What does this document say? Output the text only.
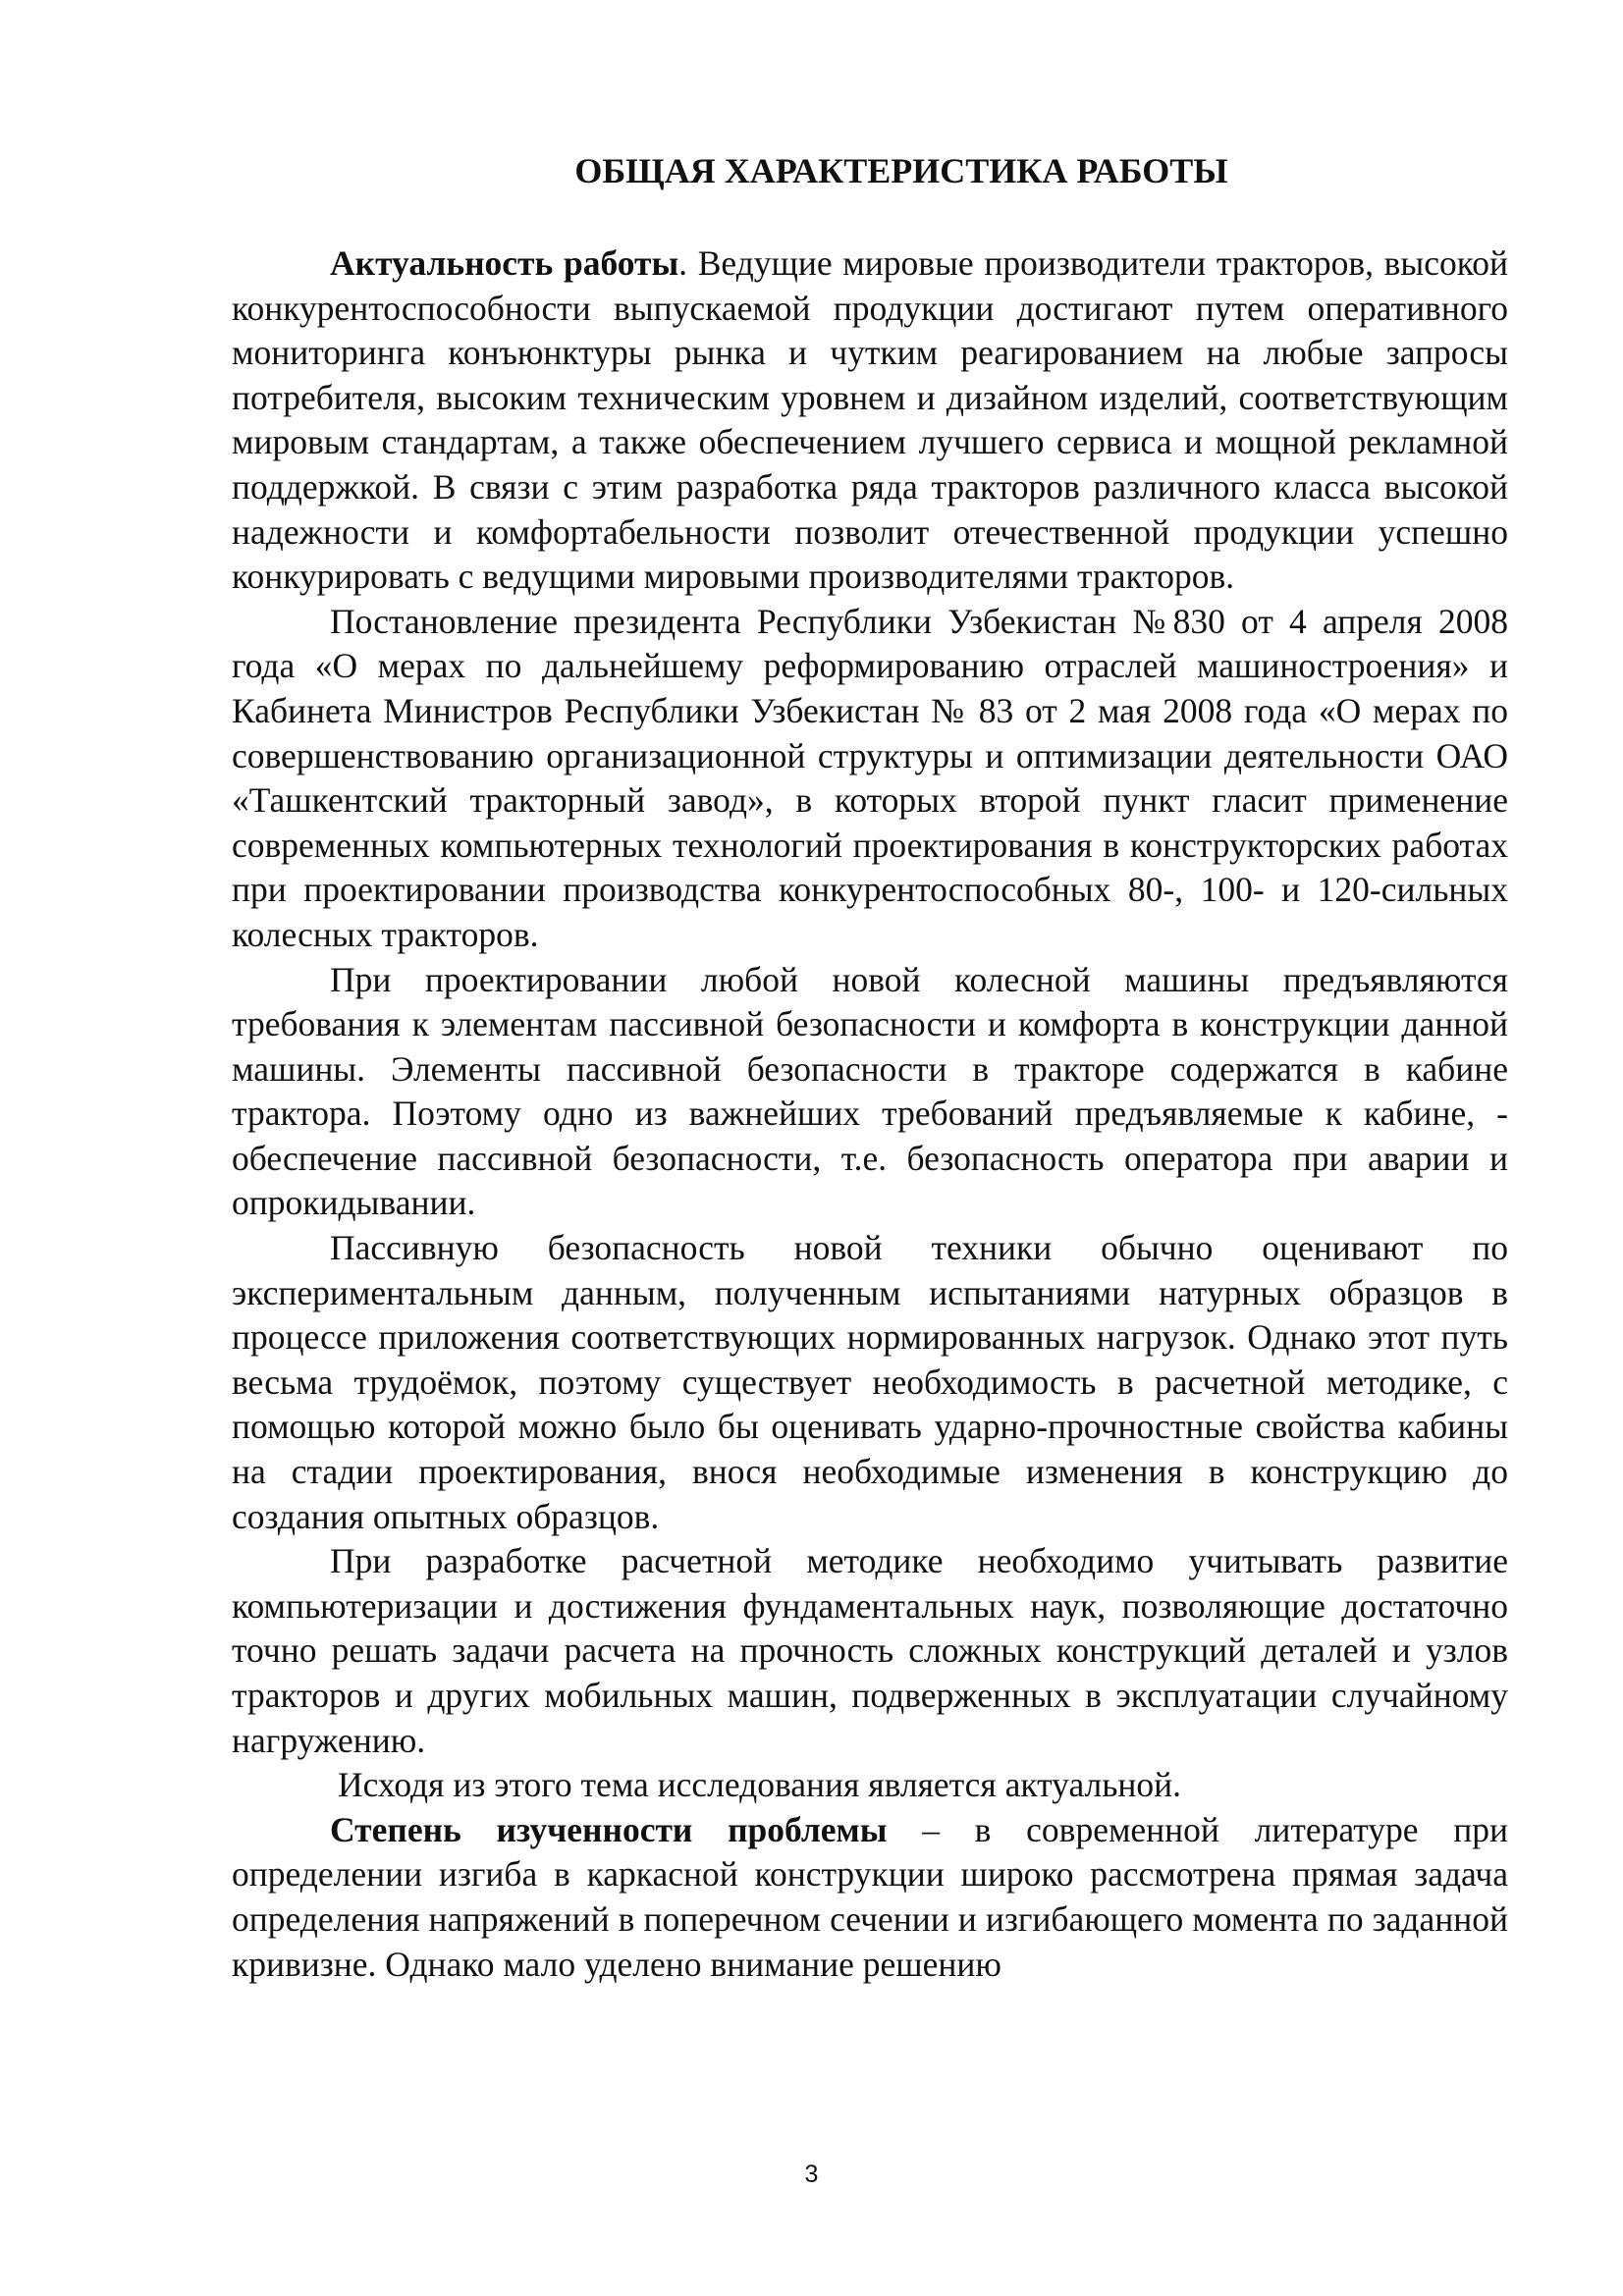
ОБЩАЯ ХАРАКТЕРИСТИКА РАБОТЫ

Актуальность работы. Ведущие мировые производители тракторов, высокой конкурентоспособности выпускаемой продукции достигают путем оперативного мониторинга конъюнктуры рынка и чутким реагированием на любые запросы потребителя, высоким техническим уровнем и дизайном изделий, соответствующим мировым стандартам, а также обеспечением лучшего сервиса и мощной рекламной поддержкой. В связи с этим разработка ряда тракторов различного класса высокой надежности и комфортабельности позволит отечественной продукции успешно конкурировать с ведущими мировыми производителями тракторов.

Постановление президента Республики Узбекистан №830 от 4 апреля 2008 года «О мерах по дальнейшему реформированию отраслей машиностроения» и Кабинета Министров Республики Узбекистан № 83 от 2 мая 2008 года «О мерах по совершенствованию организационной структуры и оптимизации деятельности ОАО «Ташкентский тракторный завод», в которых второй пункт гласит применение современных компьютерных технологий проектирования в конструкторских работах при проектировании производства конкурентоспособных 80-, 100- и 120-сильных колесных тракторов.

При проектировании любой новой колесной машины предъявляются требования к элементам пассивной безопасности и комфорта в конструкции данной машины. Элементы пассивной безопасности в тракторе содержатся в кабине трактора. Поэтому одно из важнейших требований предъявляемые к кабине, - обеспечение пассивной безопасности, т.е. безопасность оператора при аварии и опрокидывании.

Пассивную безопасность новой техники обычно оценивают по экспериментальным данным, полученным испытаниями натурных образцов в процессе приложения соответствующих нормированных нагрузок. Однако этот путь весьма трудоёмок, поэтому существует необходимость в расчетной методике, с помощью которой можно было бы оценивать ударно-прочностные свойства кабины на стадии проектирования, внося необходимые изменения в конструкцию до создания опытных образцов.

При разработке расчетной методике необходимо учитывать развитие компьютеризации и достижения фундаментальных наук, позволяющие достаточно точно решать задачи расчета на прочность сложных конструкций деталей и узлов тракторов и других мобильных машин, подверженных в эксплуатации случайному нагружению.

Исходя из этого тема исследования является актуальной.

Степень изученности проблемы – в современной литературе при определении изгиба в каркасной конструкции широко рассмотрена прямая задача определения напряжений в поперечном сечении и изгибающего момента по заданной кривизне. Однако мало уделено внимание решению

3
